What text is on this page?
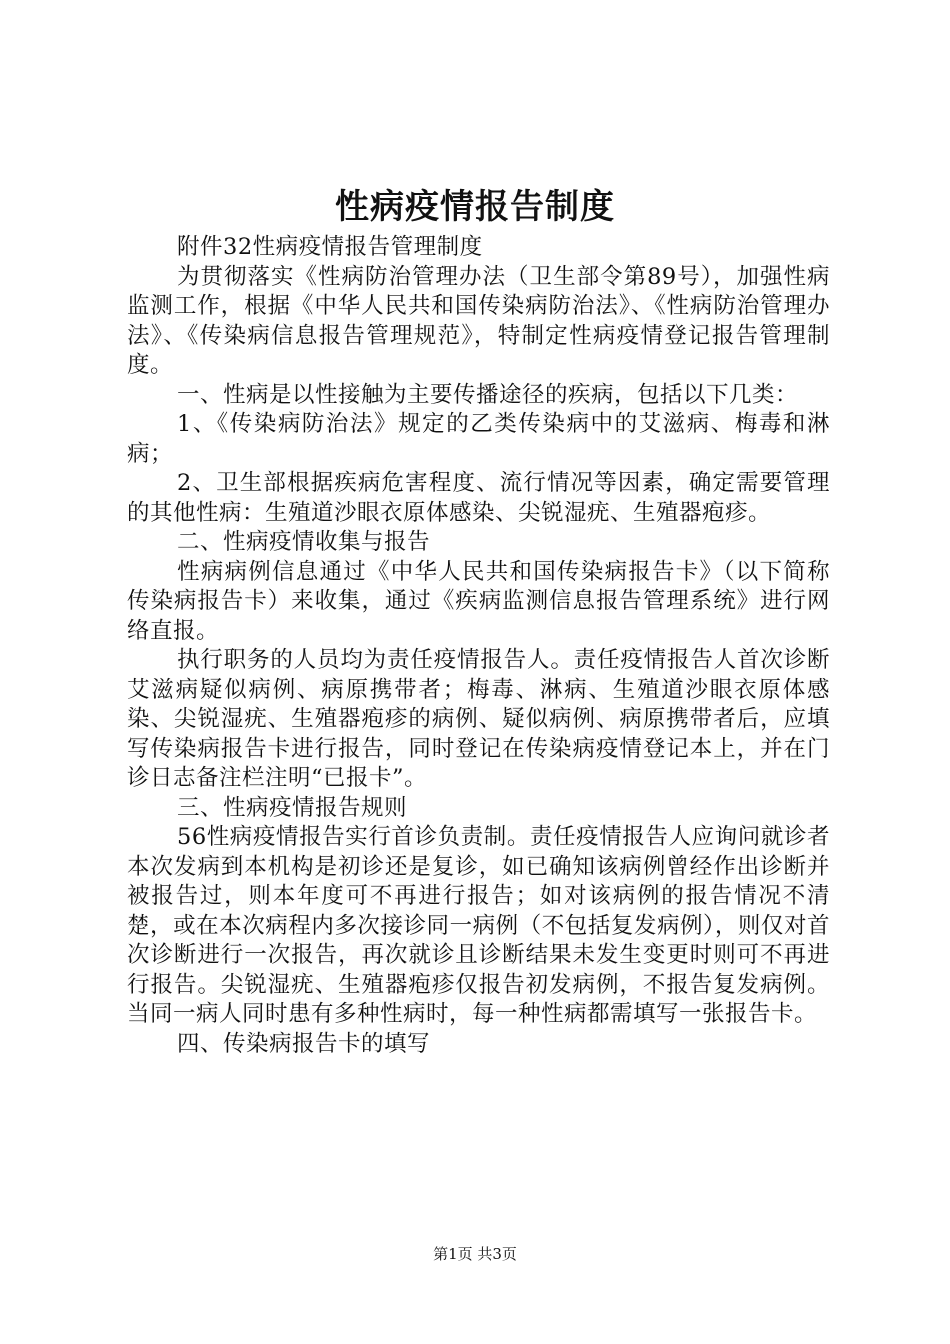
性病疫情报告制度

附件32性病疫情报告管理制度

为贯彻落实《性病防治管理办法（卫生部令第89号），加强性病监测工作，根据《中华人民共和国传染病防治法》、《性病防治管理办法》、《传染病信息报告管理规范》，特制定性病疫情登记报告管理制度。

一、性病是以性接触为主要传播途径的疾病，包括以下几类：

1、《传染病防治法》规定的乙类传染病中的艾滋病、梅毒和淋病；

2、卫生部根据疾病危害程度、流行情况等因素，确定需要管理的其他性病：生殖道沙眼衣原体感染、尖锐湿疣、生殖器疱疹。

二、性病疫情收集与报告

性病病例信息通过《中华人民共和国传染病报告卡》（以下简称传染病报告卡）来收集，通过《疾病监测信息报告管理系统》进行网络直报。

执行职务的人员均为责任疫情报告人。责任疫情报告人首次诊断艾滋病疑似病例、病原携带者；梅毒、淋病、生殖道沙眼衣原体感染、尖锐湿疣、生殖器疱疹的病例、疑似病例、病原携带者后，应填写传染病报告卡进行报告，同时登记在传染病疫情登记本上，并在门诊日志备注栏注明“已报卡”。

三、性病疫情报告规则

56性病疫情报告实行首诊负责制。责任疫情报告人应询问就诊者本次发病到本机构是初诊还是复诊，如已确知该病例曾经作出诊断并被报告过，则本年度可不再进行报告；如对该病例的报告情况不清楚，或在本次病程内多次接诊同一病例（不包括复发病例），则仅对首次诊断进行一次报告，再次就诊且诊断结果未发生变更时则可不再进行报告。尖锐湿疣、生殖器疱疹仅报告初发病例，不报告复发病例。当同一病人同时患有多种性病时，每一种性病都需填写一张报告卡。

四、传染病报告卡的填写

第1页 共3页
